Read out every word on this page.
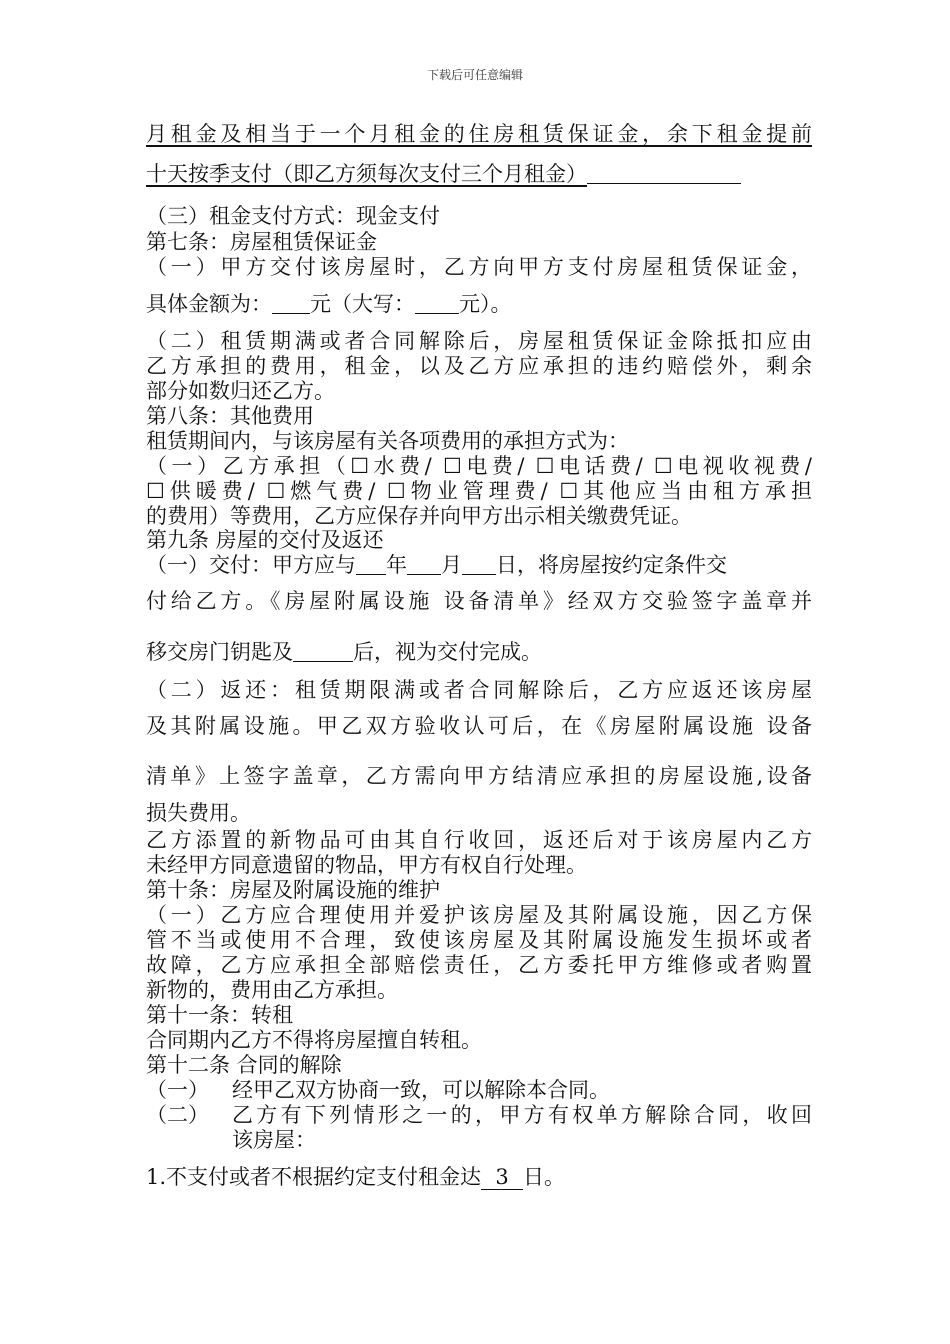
下载后可任意编辑
月租金及相当于一个月租金的住房租赁保证金，余下租金提前
十天按季支付（即乙方须每次支付三个月租金）
（三）租金支付方式：现金支付
第七条：房屋租赁保证金
（一）甲方交付该房屋时，乙方向甲方支付房屋租赁保证金，
具体金额为： 元（大写： 元）。
（二）租赁期满或者合同解除后，房屋租赁保证金除抵扣应由
乙方承担的费用，租金，以及乙方应承担的违约赔偿外，剩余
部分如数归还乙方。
第八条：其他费用
租赁期间内，与该房屋有关各项费用的承担方式为：
（一）乙方承担（☐水费/ ☐电费/ ☐电话费/ ☐电视收视费/
☐供暖费/ ☐燃气费/ ☐物业管理费/ ☐其他应当由租方承担
的费用）等费用，乙方应保存并向甲方出示相关缴费凭证。
第九条 房屋的交付及返还
（一）交付：甲方应与 年 月 日，将房屋按约定条件交
付给乙方。《房屋附属设施 设备清单》经双方交验签字盖章并
移交房门钥匙及	后，视为交付完成。
（二）返还：租赁期限满或者合同解除后，乙方应返还该房屋
及其附属设施。甲乙双方验收认可后，在《房屋附属设施 设备
清单》上签字盖章，乙方需向甲方结清应承担的房屋设施,设备
损失费用。
乙方添置的新物品可由其自行收回，返还后对于该房屋内乙方
未经甲方同意遗留的物品，甲方有权自行处理。
第十条：房屋及附属设施的维护
（一）乙方应合理使用并爱护该房屋及其附属设施，因乙方保
管不当或使用不合理，致使该房屋及其附属设施发生损坏或者
故障，乙方应承担全部赔偿责任，乙方委托甲方维修或者购置
新物的，费用由乙方承担。
第十一条：转租
合同期内乙方不得将房屋擅自转租。
第十二条 合同的解除
（一）	经甲乙双方协商一致，可以解除本合同。
（二）	乙方有下列情形之一的，甲方有权单方解除合同，收回
该房屋：
1.不支付或者不根据约定支付租金达 3 日。
